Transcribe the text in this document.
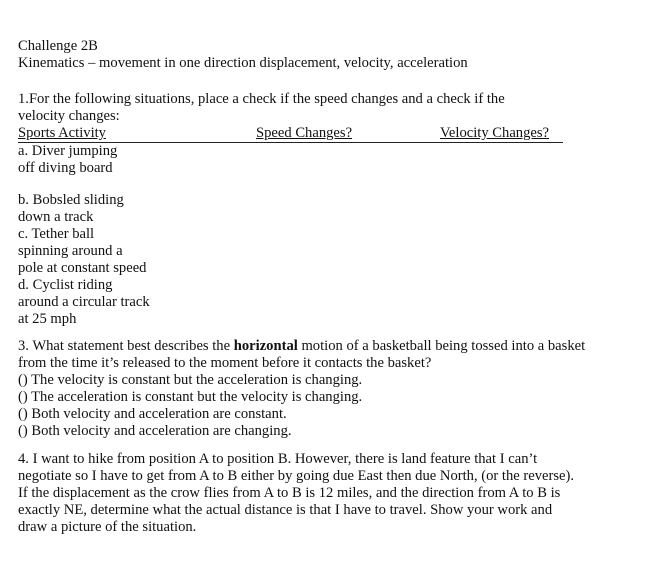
Challenge 2B
Kinematics – movement in one direction displacement, velocity, acceleration
1.For the following situations, place a check if the speed changes and a check if the
velocity changes:
Sports Activity	Speed Changes?	Velocity Changes?
a. Diver jumping
off diving board
b. Bobsled sliding
down a track
c. Tether ball
spinning around a
pole at constant speed
d. Cyclist riding
around a circular track
at 25 mph
3. What statement best describes the horizontal motion of a basketball being tossed into a basket
from the time it’s released to the moment before it contacts the basket?
() The velocity is constant but the acceleration is changing.
() The acceleration is constant but the velocity is changing.
() Both velocity and acceleration are constant.
() Both velocity and acceleration are changing.
4. I want to hike from position A to position B. However, there is land feature that I can’t
negotiate so I have to get from A to B either by going due East then due North, (or the reverse).
If the displacement as the crow flies from A to B is 12 miles, and the direction from A to B is
exactly NE, determine what the actual distance is that I have to travel. Show your work and
draw a picture of the situation.
